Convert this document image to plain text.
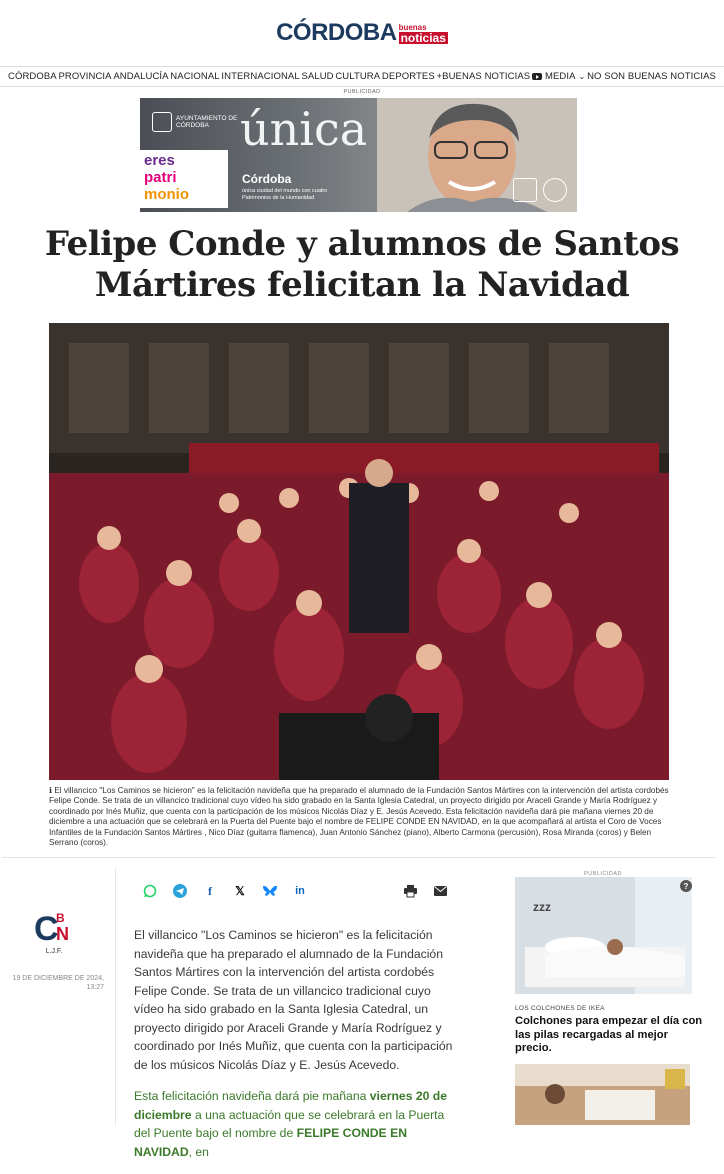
CÓRDOBA buenas
noticias
CÓRDOBA PROVINCIA ANDALUCÍA NACIONAL INTERNACIONAL SALUD CULTURA DEPORTES +BUENAS NOTICIAS MEDIA ⌄ NO SON BUENAS NOTICIAS
PUBLICIDAD
AYUNTAMIENTO DE CÓRDOBA
eres
patri
monio
única
Córdoba
única ciudad del mundo con cuatro Patrimonios de la Humanidad
Felipe Conde y alumnos de Santos Mártires felicitan la Navidad
ℹ El villancico "Los Caminos se hicieron" es la felicitación navideña que ha preparado el alumnado de la Fundación Santos Mártires con la intervención del artista cordobés Felipe Conde. Se trata de un villancico tradicional cuyo vídeo ha sido grabado en la Santa Iglesia Catedral, un proyecto dirigido por Araceli Grande y María Rodríguez y coordinado por Inés Muñiz, que cuenta con la participación de los músicos Nicolás Díaz y E. Jesús Acevedo. Esta felicitación navideña dará pie mañana viernes 20 de diciembre a una actuación que se celebrará en la Puerta del Puente bajo el nombre de FELIPE CONDE EN NAVIDAD, en la que acompañará al artista el Coro de Voces Infantiles de la Fundación Santos Mártires , Nico Díaz (guitarra flamenca), Juan Antonio Sánchez (piano), Alberto Carmona (percusión), Rosa Miranda (coros) y Belen Serrano (coros).
C
B
N
L.J.F.
19 DE DICIEMBRE DE 2024, 13:27
f	𝕏	in

El villancico "Los Caminos se hicieron" es la felicitación navideña que ha preparado el alumnado de la Fundación Santos Mártires con la intervención del artista cordobés Felipe Conde. Se trata de un villancico tradicional cuyo vídeo ha sido grabado en la Santa Iglesia Catedral, un proyecto dirigido por Araceli Grande y María Rodríguez y coordinado por Inés Muñiz, que cuenta con la participación de los músicos Nicolás Díaz y E. Jesús Acevedo.

Esta felicitación navideña dará pie mañana viernes 20 de diciembre a una actuación que se celebrará en la Puerta del Puente bajo el nombre de FELIPE CONDE EN NAVIDAD, en

PUBLICIDAD
zzz
?
LOS COLCHONES DE IKEA
Colchones para empezar el día con las pilas recargadas al mejor precio.
